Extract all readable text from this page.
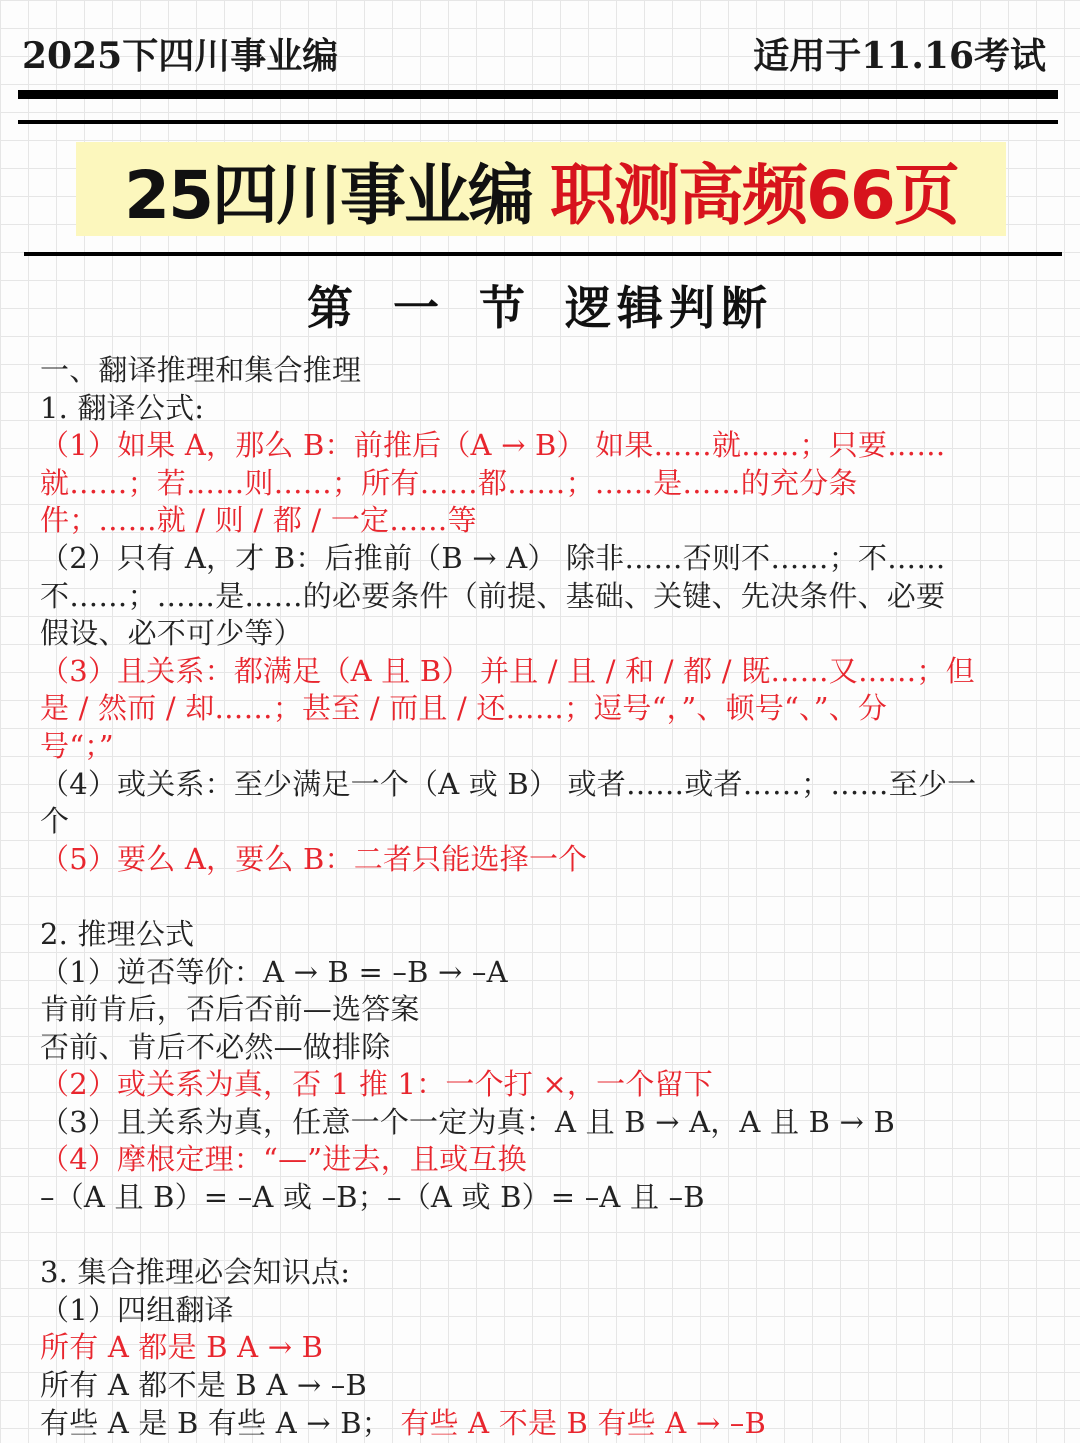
2025下四川事业编	适用于11.16考试
25四川事业编 职测高频66页
第 一 节 逻辑判断

一、翻译推理和集合推理

1. 翻译公式:

（1）如果 A，那么 B：前推后（A → B） 如果……就……；只要……

就……；若……则……；所有……都……；……是……的充分条

件；……就 / 则 / 都 / 一定……等

（2）只有 A，才 B：后推前（B → A） 除非……否则不……；不……

不……；……是……的必要条件（前提、基础、关键、先决条件、必要

假设、必不可少等）

（3）且关系：都满足（A 且 B） 并且 / 且 / 和 / 都 / 既……又……；但

是 / 然而 / 却……；甚至 / 而且 / 还……；逗号“，”、顿号“、”、分

号“；”

（4）或关系：至少满足一个（A 或 B） 或者……或者……；……至少一

个

（5）要么 A，要么 B：二者只能选择一个

2. 推理公式

（1）逆否等价：A → B = –B → –A

肯前肯后，否后否前—选答案

否前、肯后不必然—做排除

（2）或关系为真，否 1 推 1：一个打 ×，一个留下

（3）且关系为真，任意一个一定为真：A 且 B → A，A 且 B → B

（4）摩根定理：“—”进去，且或互换

–（A 且 B）= –A 或 –B；–（A 或 B）= –A 且 –B

3. 集合推理必会知识点:

（1）四组翻译

所有 A 都是 B A → B

所有 A 都不是 B A → –B

有些 A 是 B 有些 A → B； 有些 A 不是 B 有些 A → –B
